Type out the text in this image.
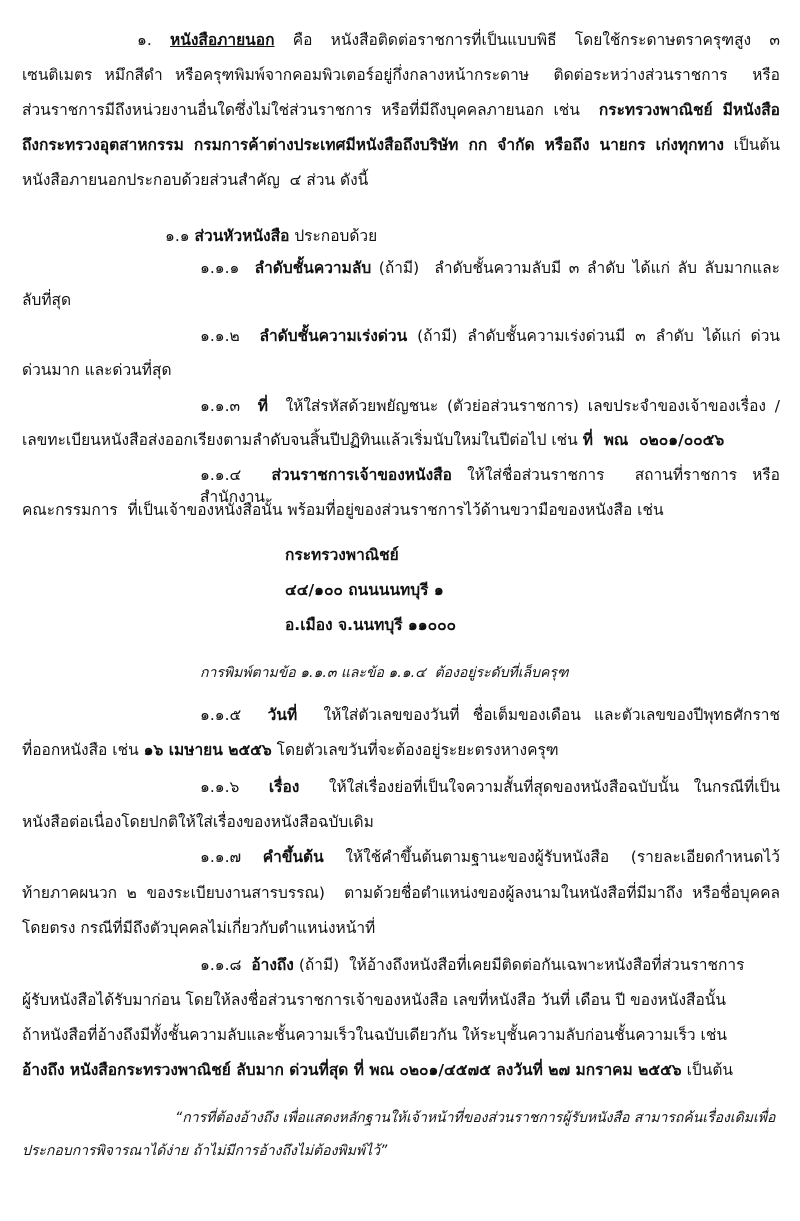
๑. หนังสือภายนอก คือ หนังสือติดต่อราชการที่เป็นแบบพิธี โดยใช้กระดาษตราครุฑสูง ๓
เซนติเมตร หมึกสีดำ หรือครุฑพิมพ์จากคอมพิวเตอร์อยู่กึ่งกลางหน้ากระดาษ  ติดต่อระหว่างส่วนราชการ  หรือ
ส่วนราชการมีถึงหน่วยงานอื่นใดซึ่งไม่ใช่ส่วนราชการ หรือที่มีถึงบุคคลภายนอก เช่น  กระทรวงพาณิชย์ มีหนังสือ
ถึงกระทรวงอุตสาหกรรม กรมการค้าต่างประเทศมีหนังสือถึงบริษัท กก จำกัด หรือถึง นายกร เก่งทุกทาง เป็นต้น
หนังสือภายนอกประกอบด้วยส่วนสำคัญ  ๔ ส่วน ดังนี้
๑.๑ ส่วนหัวหนังสือ ประกอบด้วย
๑.๑.๑  ลำดับชั้นความลับ (ถ้ามี)  ลำดับชั้นความลับมี ๓ ลำดับ ได้แก่ ลับ ลับมากและ
ลับที่สุด
๑.๑.๒  ลำดับชั้นความเร่งด่วน (ถ้ามี) ลำดับชั้นความเร่งด่วนมี ๓ ลำดับ ได้แก่ ด่วน
ด่วนมาก และด่วนที่สุด
๑.๑.๓  ที่  ให้ใส่รหัสด้วยพยัญชนะ (ตัวย่อส่วนราชการ) เลขประจำของเจ้าของเรื่อง /
เลขทะเบียนหนังสือส่งออกเรียงตามลำดับจนสิ้นปีปฏิทินแล้วเริ่มนับใหม่ในปีต่อไป เช่น ที่  พณ  ๐๒๐๑/๐๐๕๖
๑.๑.๔  ส่วนราชการเจ้าของหนังสือ ให้ใส่ชื่อส่วนราชการ  สถานที่ราชการ หรือสำนักงาน
คณะกรรมการ  ที่เป็นเจ้าของหนังสือนั้น พร้อมที่อยู่ของส่วนราชการไว้ด้านขวามือของหนังสือ เช่น
กระทรวงพาณิชย์
๔๔/๑๐๐ ถนนนนทบุรี ๑
อ.เมือง จ.นนทบุรี ๑๑๐๐๐
การพิมพ์ตามข้อ ๑.๑.๓ และข้อ ๑.๑.๔  ต้องอยู่ระดับที่เล็บครุฑ
๑.๑.๕  วันที่  ให้ใส่ตัวเลขของวันที่ ชื่อเต็มของเดือน และตัวเลขของปีพุทธศักราช
ที่ออกหนังสือ เช่น ๑๖ เมษายน ๒๕๕๖ โดยตัวเลขวันที่จะต้องอยู่ระยะตรงหางครุฑ
๑.๑.๖  เรื่อง  ให้ใส่เรื่องย่อที่เป็นใจความสั้นที่สุดของหนังสือฉบับนั้น ในกรณีที่เป็น
หนังสือต่อเนื่องโดยปกติให้ใส่เรื่องของหนังสือฉบับเดิม
๑.๑.๗  คำขึ้นต้น  ให้ใช้คำขึ้นต้นตามฐานะของผู้รับหนังสือ  (รายละเอียดกำหนดไว้
ท้ายภาคผนวก ๒ ของระเบียบงานสารบรรณ)  ตามด้วยชื่อตำแหน่งของผู้ลงนามในหนังสือที่มีมาถึง หรือชื่อบุคคล
โดยตรง กรณีที่มีถึงตัวบุคคลไม่เกี่ยวกับตำแหน่งหน้าที่
๑.๑.๘  อ้างถึง (ถ้ามี)  ให้อ้างถึงหนังสือที่เคยมีติดต่อกันเฉพาะหนังสือที่ส่วนราชการ
ผู้รับหนังสือได้รับมาก่อน โดยให้ลงชื่อส่วนราชการเจ้าของหนังสือ เลขที่หนังสือ วันที่ เดือน ปี ของหนังสือนั้น
ถ้าหนังสือที่อ้างถึงมีทั้งชั้นความลับและชั้นความเร็วในฉบับเดียวกัน ให้ระบุชั้นความลับก่อนชั้นความเร็ว เช่น
อ้างถึง หนังสือกระทรวงพาณิชย์ ลับมาก ด่วนที่สุด ที่ พณ ๐๒๐๑/๔๕๗๕ ลงวันที่ ๒๗ มกราคม ๒๕๕๖ เป็นต้น
“การที่ต้องอ้างถึง เพื่อแสดงหลักฐานให้เจ้าหน้าที่ของส่วนราชการผู้รับหนังสือ สามารถค้นเรื่องเดิมเพื่อ
ประกอบการพิจารณาได้ง่าย ถ้าไม่มีการอ้างถึงไม่ต้องพิมพ์ไว้”
